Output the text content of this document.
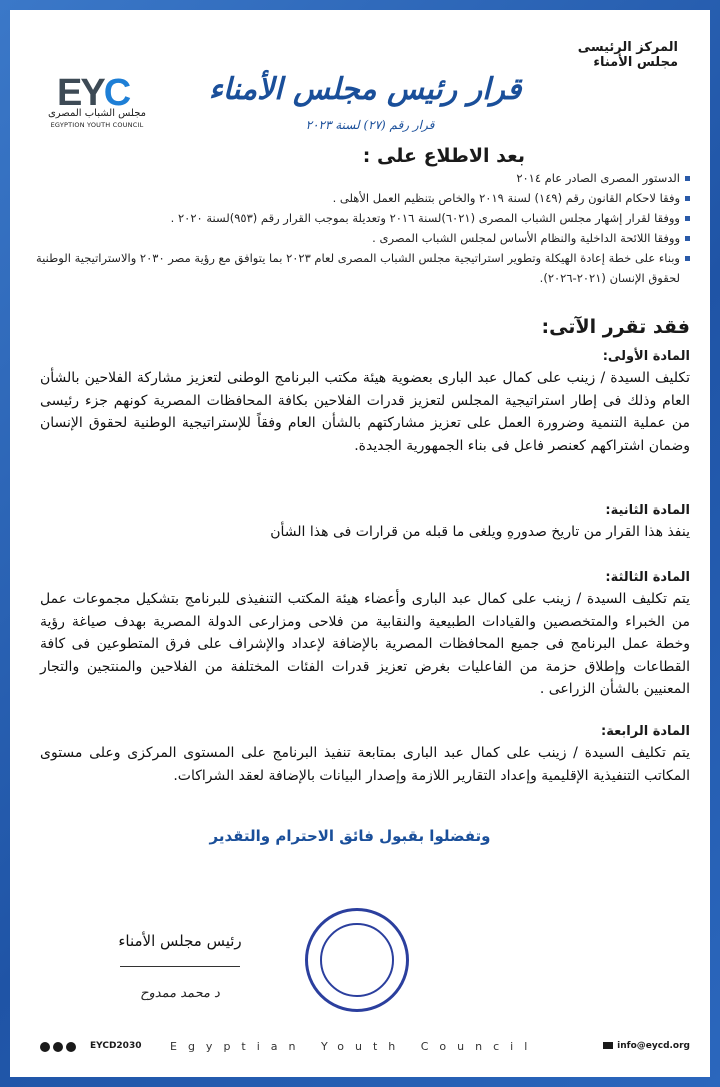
المركز الرئيسى
مجلس الأمناء
EYC
مجلس الشباب المصرى
EGYPTION YOUTH COUNCIL
قرار رئيس مجلس الأمناء
قرار رقم (٢٧) لسنة ٢٠٢٣
بعد الاطلاع على :
الدستور المصرى الصادر عام ٢٠١٤
وفقا لاحكام القانون رقم (١٤٩) لسنة ٢٠١٩ والخاص بتنظيم العمل الأهلى .
ووفقا لقرار إشهار مجلس الشباب المصرى (٦٠٢١)لسنة ٢٠١٦ وتعديلة بموجب القرار رقم (٩٥٣)لسنة ٢٠٢٠ .
ووفقا اللائحة الداخلية والنظام الأساس لمجلس الشباب المصرى .
وبناء على خطة إعادة الهيكلة وتطوير استراتيجية مجلس الشباب المصرى لعام ٢٠٢٣ بما يتوافق مع رؤية مصر ٢٠٣٠ والاستراتيجية الوطنية لحقوق الإنسان (٢٠٢١-٢٠٢٦).
فقد تقرر الآتى:
المادة الأولى:
تكليف السيدة / زينب على كمال عبد البارى بعضوية هيئة مكتب البرنامج الوطنى لتعزيز مشاركة الفلاحين بالشأن العام وذلك فى إطار استراتيجية المجلس لتعزيز قدرات الفلاحين بكافة المحافظات المصرية كونهم جزء رئيسى من عملية التنمية وضرورة العمل على تعزيز مشاركتهم بالشأن العام وفقاً للإستراتيجية الوطنية لحقوق الإنسان وضمان اشتراكهم كعنصر فاعل فى بناء الجمهورية الجديدة.
المادة الثانية:
ينفذ هذا القرار من تاريخ صدورهِ ويلغى ما قبله من قرارات فى هذا الشأن
المادة الثالثة:
يتم تكليف السيدة / زينب على كمال عبد البارى وأعضاء هيئة المكتب التنفيذى للبرنامج بتشكيل مجموعات عمل من الخبراء والمتخصصين والقيادات الطبيعية والنقابية من فلاحى ومزارعى الدولة المصرية بهدف صياغة رؤية وخطة عمل البرنامج فى جميع المحافظات المصرية بالإضافة لإعداد والإشراف على فرق المتطوعين فى كافة القطاعات وإطلاق حزمة من الفاعليات بغرض تعزيز قدرات الفئات المختلفة من الفلاحين والمنتجين والتجار المعنيين بالشأن الزراعى .
المادة الرابعة:
يتم تكليف السيدة / زينب على كمال عبد البارى بمتابعة تنفيذ البرنامج على المستوى المركزى وعلى مستوى المكاتب التنفيذية الإقليمية وإعداد التقارير اللازمة وإصدار البيانات بالإضافة لعقد الشراكات.
وتفضلوا بقبول فائق الاحترام والتقدير
رئيس مجلس الأمناء
د محمد ممدوح
EYCD2030	Egyptian Youth Council	info@eycd.org
